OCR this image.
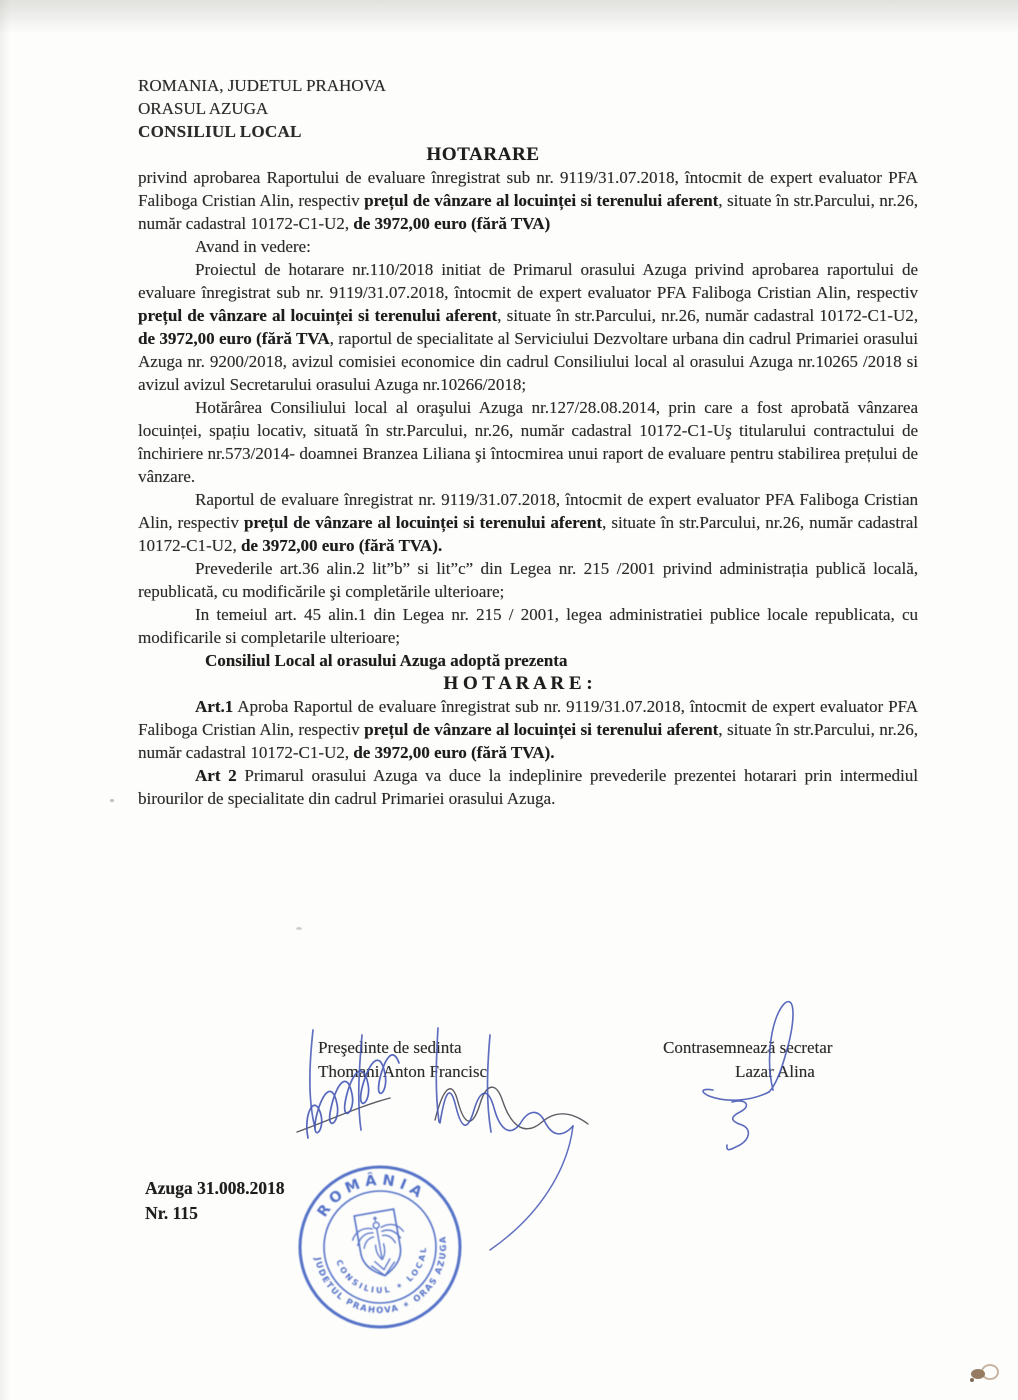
ROMANIA, JUDETUL PRAHOVA
ORASUL AZUGA
CONSILIUL LOCAL

HOTARARE

privind aprobarea Raportului de evaluare înregistrat sub nr. 9119/31.07.2018, întocmit de expert evaluator PFA Faliboga Cristian Alin, respectiv prețul de vânzare al locuinței si terenului aferent, situate în str.Parcului, nr.26, număr cadastral 10172-C1-U2, de 3972,00 euro (fără TVA)

Avand in vedere:

Proiectul de hotarare nr.110/2018 initiat de Primarul orasului Azuga privind aprobarea raportului de evaluare înregistrat sub nr. 9119/31.07.2018, întocmit de expert evaluator PFA Faliboga Cristian Alin, respectiv prețul de vânzare al locuinței si terenului aferent, situate în str.Parcului, nr.26, număr cadastral 10172-C1-U2, de 3972,00 euro (fără TVA, raportul de specialitate al Serviciului Dezvoltare urbana din cadrul Primariei orasului Azuga nr. 9200/2018, avizul comisiei economice din cadrul Consiliului local al orasului Azuga nr.10265 /2018 si avizul avizul Secretarului orasului Azuga nr.10266/2018;

Hotărârea Consiliului local al oraşului Azuga nr.127/28.08.2014, prin care a fost aprobată vânzarea locuinței, spațiu locativ, situată în str.Parcului, nr.26, număr cadastral 10172-C1-Uş titularului contractului de închiriere nr.573/2014- doamnei Branzea Liliana şi întocmirea unui raport de evaluare pentru stabilirea prețului de vânzare.

Raportul de evaluare înregistrat nr. 9119/31.07.2018, întocmit de expert evaluator PFA Faliboga Cristian Alin, respectiv prețul de vânzare al locuinței si terenului aferent, situate în str.Parcului, nr.26, număr cadastral 10172-C1-U2, de 3972,00 euro (fără TVA).

Prevederile art.36 alin.2 lit”b” si lit”c” din Legea nr. 215 /2001 privind administrația publică locală, republicată, cu modificările şi completările ulterioare;

In temeiul art. 45 alin.1 din Legea nr. 215 / 2001, legea administratiei publice locale republicata, cu modificarile si completarile ulterioare;

Consiliul Local al orasului Azuga adoptă prezenta

H O T A R A R E :

Art.1 Aproba Raportul de evaluare înregistrat sub nr. 9119/31.07.2018, întocmit de expert evaluator PFA Faliboga Cristian Alin, respectiv prețul de vânzare al locuinței si terenului aferent, situate în str.Parcului, nr.26, număr cadastral 10172-C1-U2, de 3972,00 euro (fără TVA).

Art 2 Primarul orasului Azuga va duce la indeplinire prevederile prezentei hotarari prin intermediul birourilor de specialitate din cadrul Primariei orasului Azuga.

Preşedinte de sedinta
Thomani Anton Francisc
Contrasemnează secretar
Lazar Alina
Azuga 31.008.2018
Nr. 115	ROMÂNIA
JUDETUL PRAHOVA ✶ ORAS AZUGA
CONSILIUL ✶ LOCAL
